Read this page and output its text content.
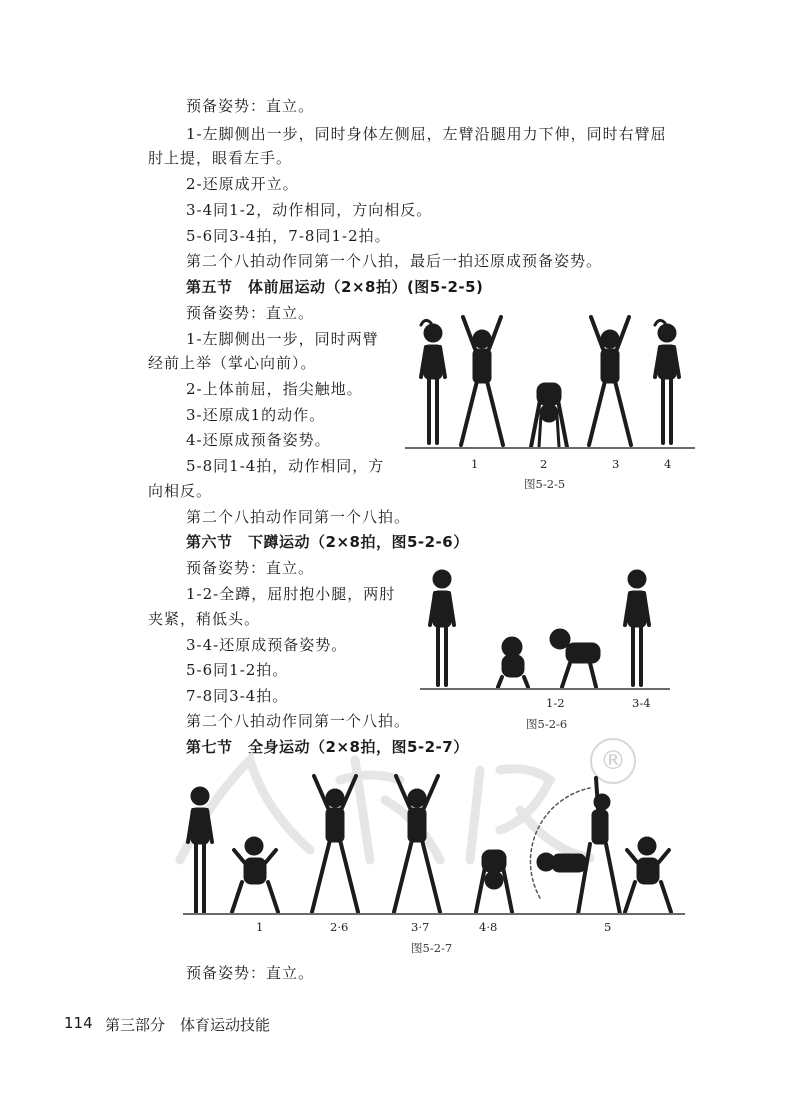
预备姿势：直立。
1-左脚侧出一步，同时身体左侧屈，左臂沿腿用力下伸，同时右臂屈
肘上提，眼看左手。
2-还原成开立。
3-4同1-2，动作相同，方向相反。
5-6同3-4拍，7-8同1-2拍。
第二个八拍动作同第一个八拍，最后一拍还原成预备姿势。
第五节　体前屈运动（2×8拍）(图5-2-5)
预备姿势：直立。
1-左脚侧出一步，同时两臂
经前上举（掌心向前）。
2-上体前屈，指尖触地。
3-还原成1的动作。
4-还原成预备姿势。
5-8同1-4拍，动作相同，方
向相反。
第二个八拍动作同第一个八拍。
第六节　下蹲运动（2×8拍，图5-2-6）
预备姿势：直立。
1-2-全蹲，屈肘抱小腿，两肘
夹紧，稍低头。
3-4-还原成预备姿势。
5-6同1-2拍。
7-8同3-4拍。
第二个八拍动作同第一个八拍。
第七节　全身运动（2×8拍，图5-2-7）	®
1	2	3	4
图5-2-5
1-2	3-4
图5-2-6
1	2·6	3·7	4·8	5
图5-2-7
预备姿势：直立。
114 第三部分　体育运动技能
